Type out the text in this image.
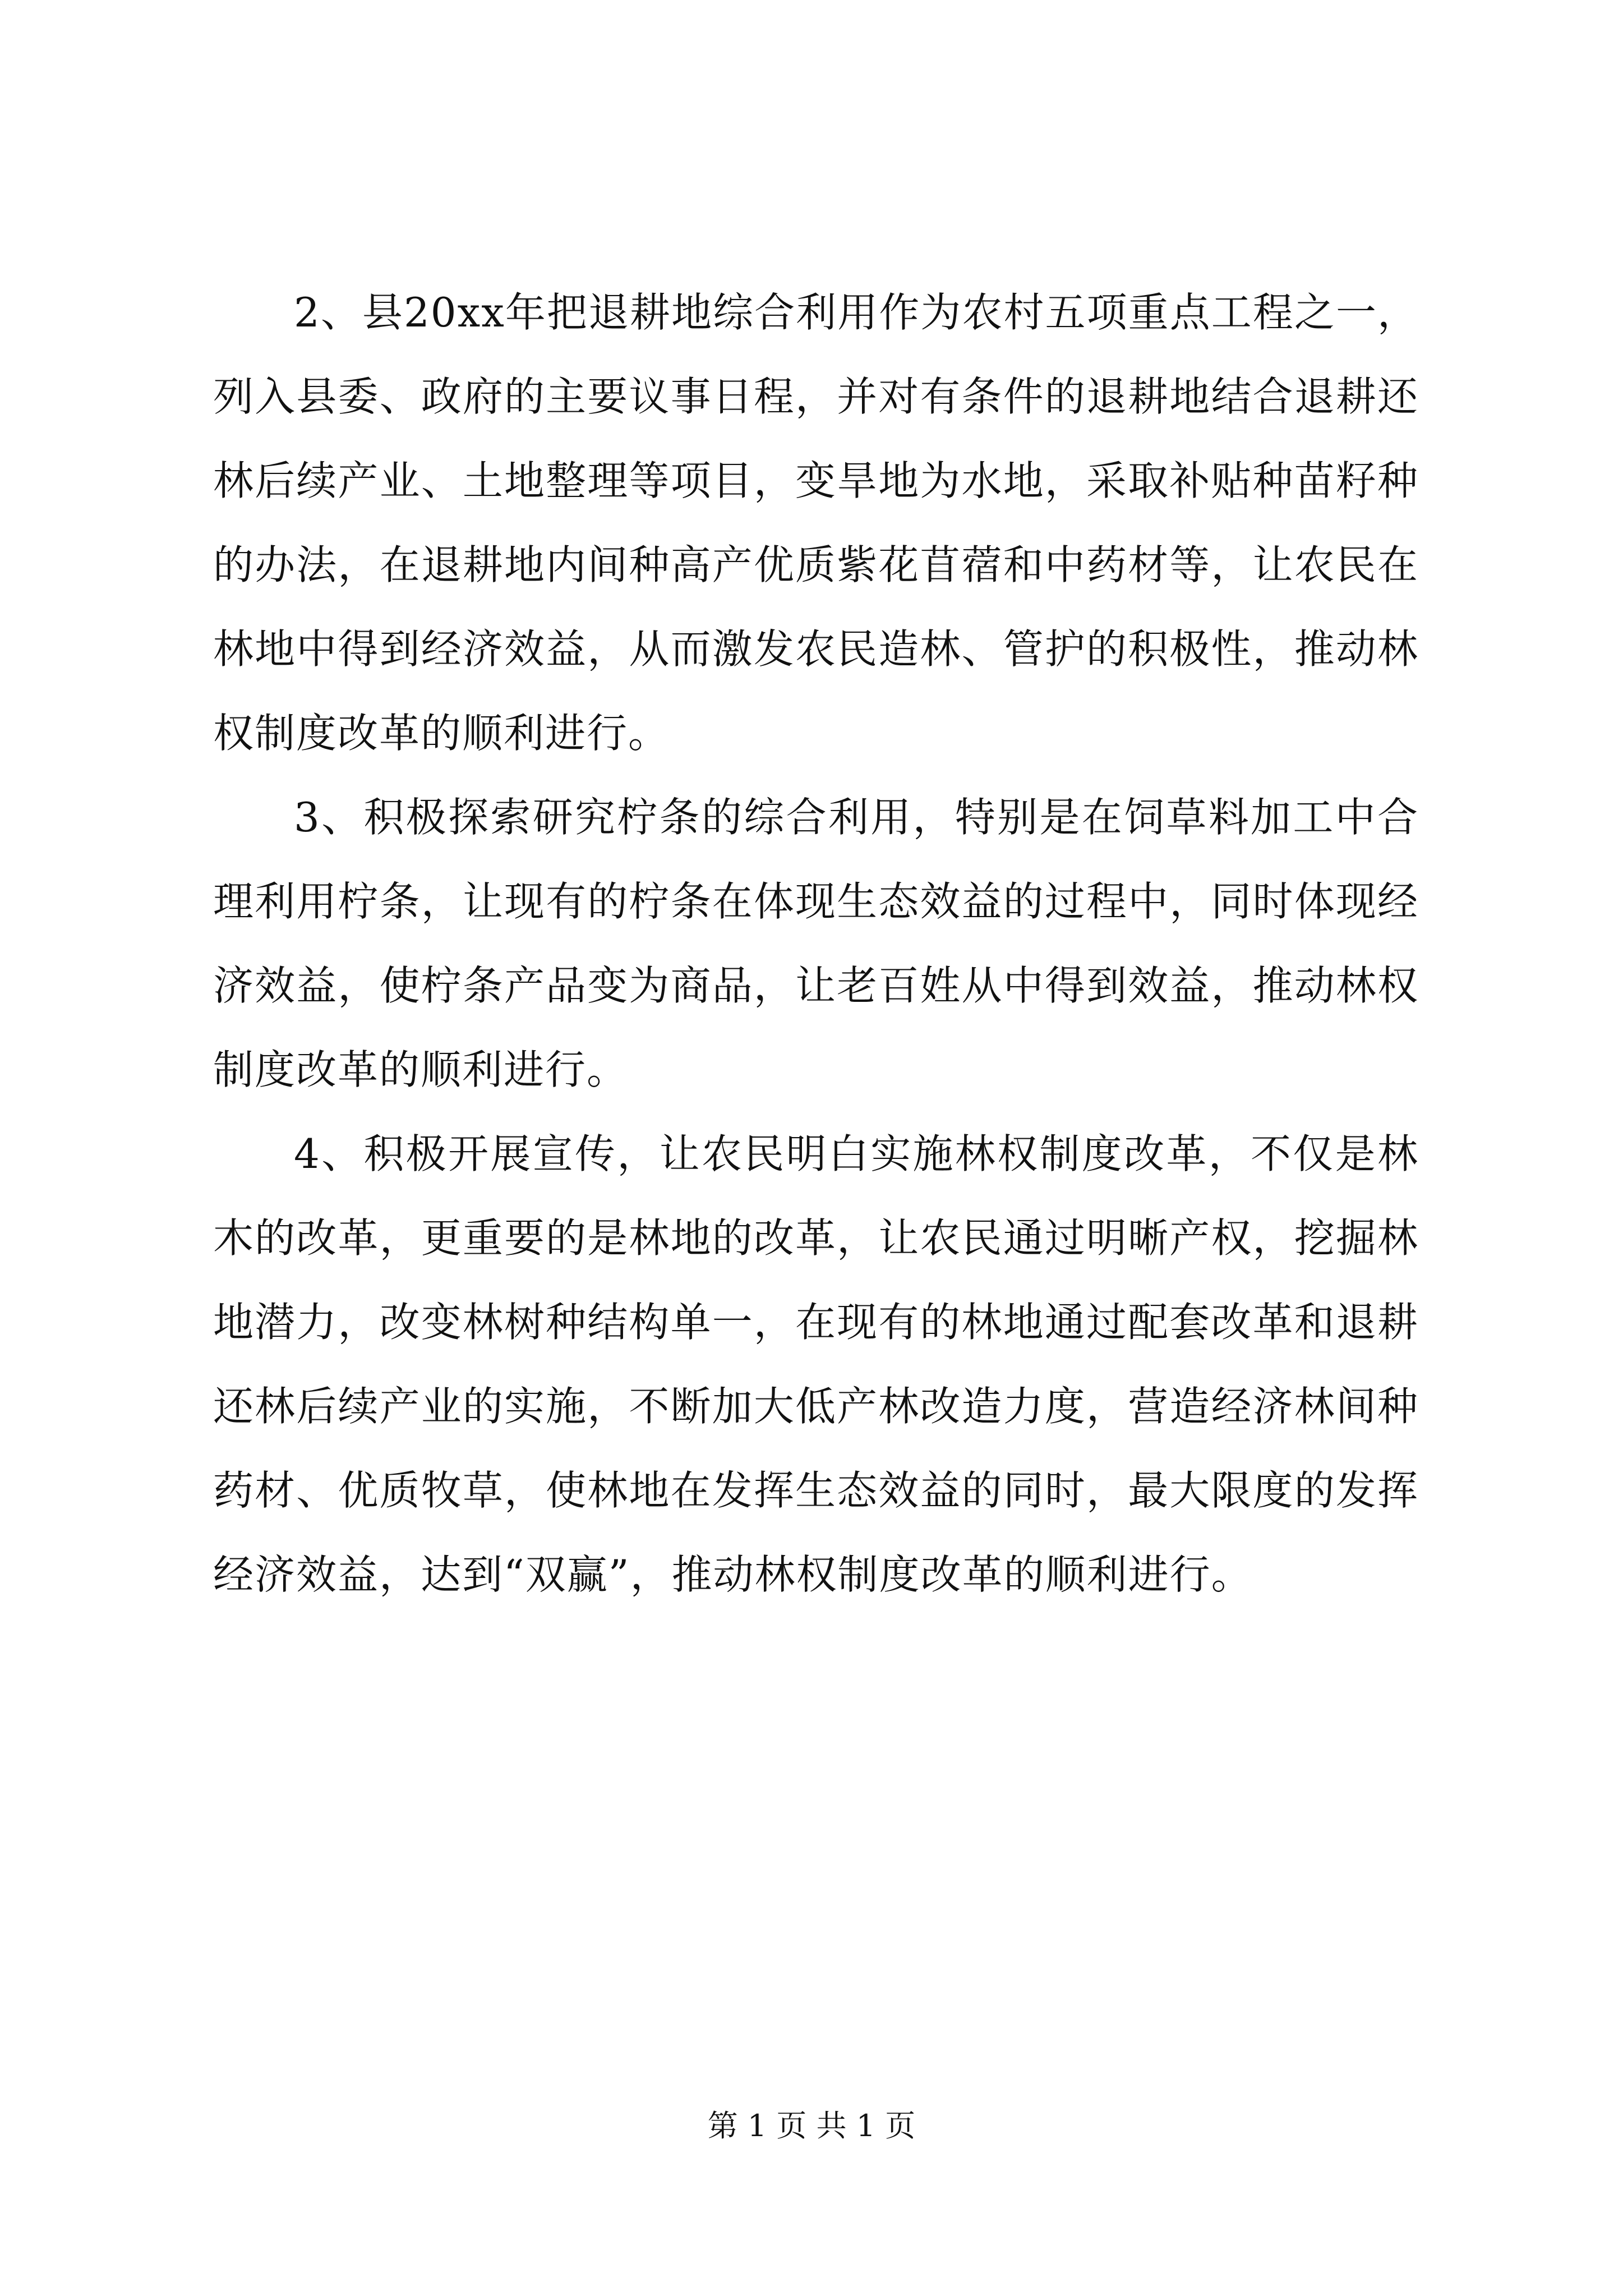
2、县20xx年把退耕地综合利用作为农村五项重点工程之一，列入县委、政府的主要议事日程，并对有条件的退耕地结合退耕还林后续产业、土地整理等项目，变旱地为水地，采取补贴种苗籽种的办法，在退耕地内间种高产优质紫花苜蓿和中药材等，让农民在林地中得到经济效益，从而激发农民造林、管护的积极性，推动林权制度改革的顺利进行。

3、积极探索研究柠条的综合利用，特别是在饲草料加工中合理利用柠条，让现有的柠条在体现生态效益的过程中，同时体现经济效益，使柠条产品变为商品，让老百姓从中得到效益，推动林权制度改革的顺利进行。

4、积极开展宣传，让农民明白实施林权制度改革，不仅是林木的改革，更重要的是林地的改革，让农民通过明晰产权，挖掘林地潜力，改变林树种结构单一，在现有的林地通过配套改革和退耕还林后续产业的实施，不断加大低产林改造力度，营造经济林间种药材、优质牧草，使林地在发挥生态效益的同时，最大限度的发挥经济效益，达到“双赢”，推动林权制度改革的顺利进行。

第 1 页 共 1 页
